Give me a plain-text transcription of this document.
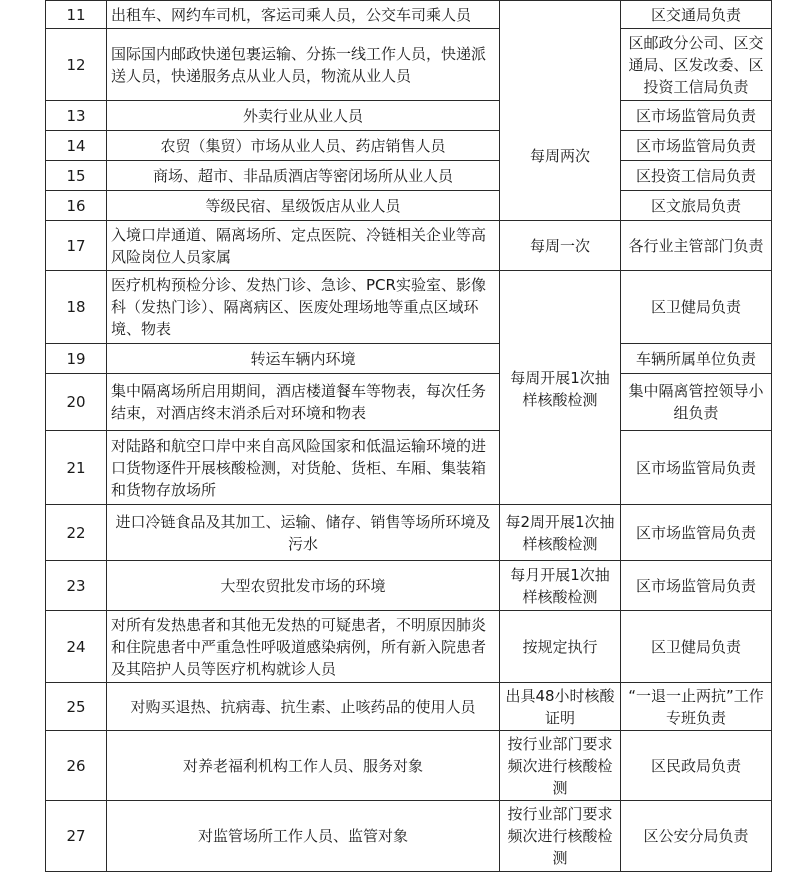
11	出租车、网约车司机，客运司乘人员，公交车司乘人员	每周两次	区交通局负责
12	国际国内邮政快递包裹运输、分拣一线工作人员，快递派送人员，快递服务点从业人员，物流从业人员		区邮政分公司、区交通局、区发改委、区投资工信局负责
13	外卖行业从业人员		区市场监管局负责
14	农贸（集贸）市场从业人员、药店销售人员		区市场监管局负责
15	商场、超市、非品质酒店等密闭场所从业人员		区投资工信局负责
16	等级民宿、星级饭店从业人员		区文旅局负责
17	入境口岸通道、隔离场所、定点医院、冷链相关企业等高风险岗位人员家属	每周一次	各行业主管部门负责
18	医疗机构预检分诊、发热门诊、急诊、PCR实验室、影像科（发热门诊）、隔离病区、医废处理场地等重点区域环境、物表	每周开展1次抽样核酸检测	区卫健局负责
19	转运车辆内环境		车辆所属单位负责
20	集中隔离场所启用期间，酒店楼道餐车等物表，每次任务结束，对酒店终末消杀后对环境和物表		集中隔离管控领导小组负责
21	对陆路和航空口岸中来自高风险国家和低温运输环境的进口货物逐件开展核酸检测，对货舱、货柜、车厢、集装箱和货物存放场所		区市场监管局负责
22	进口冷链食品及其加工、运输、储存、销售等场所环境及污水	每2周开展1次抽样核酸检测	区市场监管局负责
23	大型农贸批发市场的环境	每月开展1次抽样核酸检测	区市场监管局负责
24	对所有发热患者和其他无发热的可疑患者，不明原因肺炎和住院患者中严重急性呼吸道感染病例，所有新入院患者及其陪护人员等医疗机构就诊人员	按规定执行	区卫健局负责
25	对购买退热、抗病毒、抗生素、止咳药品的使用人员	出具48小时核酸证明	“一退一止两抗”工作专班负责
26	对养老福利机构工作人员、服务对象	按行业部门要求频次进行核酸检测	区民政局负责
27	对监管场所工作人员、监管对象	按行业部门要求频次进行核酸检测	区公安分局负责
